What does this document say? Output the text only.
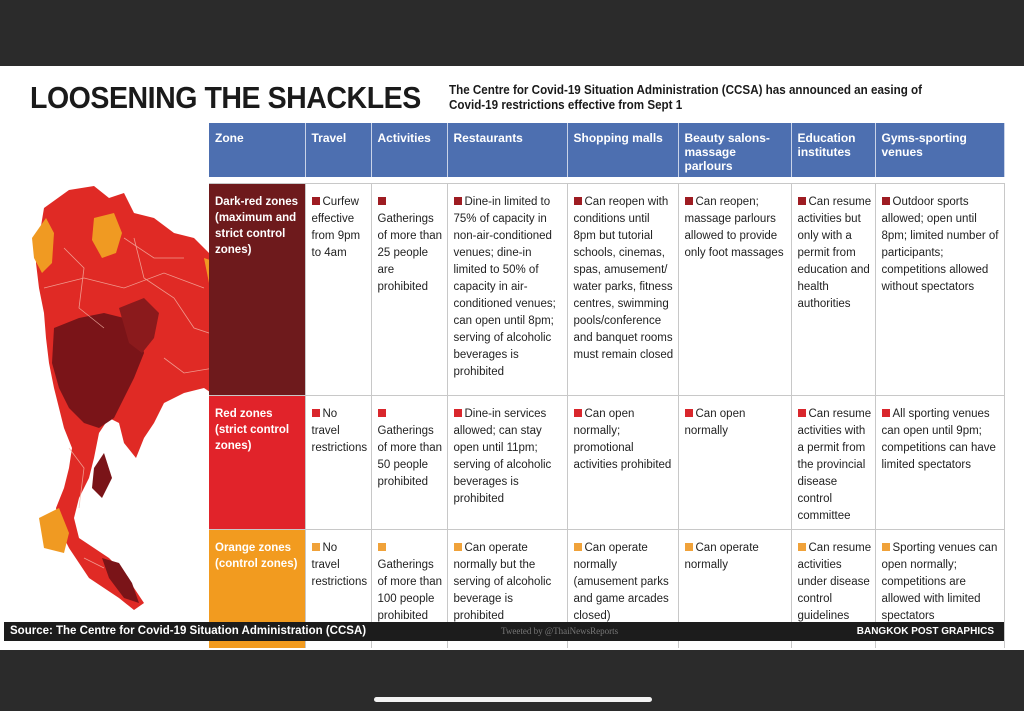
LOOSENING THE SHACKLES The Centre for Covid-19 Situation Administration (CCSA) has announced an easing of Covid-19 restrictions effective from Sept 1
Zone	Travel	Activities	Restaurants	Shopping malls	Beauty salons-massage parlours	Education institutes	Gyms-sporting venues

Dark-red zones (maximum and strict control zones)	Curfew effective from 9pm to 4am	Gatherings of more than 25 people are prohibited	Dine-in limited to 75% of capacity in non-air-conditioned venues; dine-in limited to 50% of capacity in air-conditioned venues; can open until 8pm; serving of alcoholic beverages is prohibited	Can reopen with conditions until 8pm but tutorial schools, cinemas, spas, amusement/ water parks, fitness centres, swimming pools/conference and banquet rooms must remain closed	Can reopen; massage parlours allowed to provide only foot massages	Can resume activities but only with a permit from education and health authorities	Outdoor sports allowed; open until 8pm; limited number of participants; competitions allowed without spectators
Red zones (strict control zones)	No travel restrictions	Gatherings of more than 50 people prohibited	Dine-in services allowed; can stay open until 11pm; serving of alcoholic beverages is prohibited	Can open normally; promotional activities prohibited	Can open normally	Can resume activities with a permit from the provincial disease control committee	All sporting venues can open until 9pm; competitions can have limited spectators
Orange zones (control zones)	No travel restrictions	Gatherings of more than 100 people prohibited	Can operate normally but the serving of alcoholic beverage is prohibited	Can operate normally (amusement parks and game arcades closed)	Can operate normally	Can resume activities under disease control guidelines	Sporting venues can open normally; competitions are allowed with limited spectators
Source: The Centre for Covid-19 Situation Administration (CCSA)	Tweeted by @ThaiNewsReports	BANGKOK POST GRAPHICS
